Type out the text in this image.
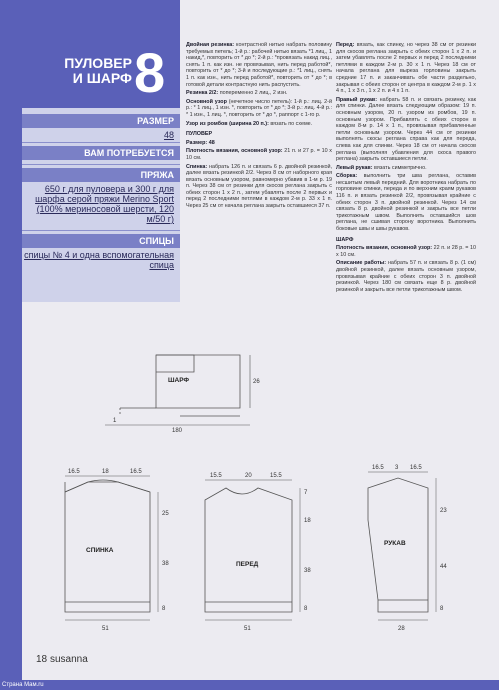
ПУЛОВЕР
И ШАРФ 8
РАЗМЕР
48
ВАМ ПОТРЕБУЕТСЯ
ПРЯЖА
650 г для пуловера и 300 г для шарфа серой пряжи Merino Sport (100% мериносовой шерсти, 120 м/50 г)
СПИЦЫ
спицы № 4 и одна вспомогательная спица

Двойная резинка: контрастной нитью набрать половину требуемых петель; 1-й р.: рабочей нитью вязать *1 лиц., 1 накид,*, повторить от * до *; 2-й р.: *провязать накид лиц., снять 1 п. как изн. не провязывая, нить перед работой*, повторить от * до *; 3-й и последующие р.: *1 лиц., снять 1 п. как изн., нить перед работой*, повторить от * до *; в готовой детали контрастную нить распустить.

Резинка 2/2: попеременно 2 лиц., 2 изн.

Основной узор (нечетное число петель): 1-й р.: лиц. 2-й р.: * 1 лиц., 1 изн. *, повторить от * до *; 3-й р.: лиц. 4-й р.: * 1 изн., 1 лиц. *, повторить от * до *, раппорт с 1-го р.

Узор из ромбов (ширина 20 п.): вязать по схеме.

ПУЛОВЕР

Размер: 48

Плотность вязания, основной узор: 21 п. и 27 р. = 10 х 10 см.

Спинка: набрать 126 п. и связать 6 р. двойной резинкой, далее вязать резинкой 2/2. Через 8 см от наборного края вязать основным узором, равномерно убавив в 1-м р. 19 п. Через 38 см от резинки для скосов реглана закрыть с обеих сторон 1 х 2 п., затем убавлять после 2 первых и перед 2 последними петлями в каждом 2-м р. 33 х 1 п. Через 25 см от начала реглана закрыть оставшиеся 37 п.

Перед: вязать, как спинку, но через 38 см от резинки для скосов реглана закрыть с обеих сторон 1 х 2 п. и затем убавлять после 2 первых и перед 2 последними петлями в каждом 2-м р. 30 х 1 п. Через 18 см от начала реглана для выреза горловины закрыть средние 17 п. и заканчивать обе части раздельно, закрывая с обеих сторон от центра в каждом 2-м р. 1 х 4 п., 1 х 3 п., 1 х 2 п. и 4 х 1 п.

Правый рукав: набрать 58 п. и связать резинку, как для спинки. Далее вязать следующим образом: 19 п. основным узором, 20 п. узором из ромбов, 19 п. основным узором. Прибавлять с обеих сторон в каждом 8-м р. 14 х 1 п., провязывая прибавленные петли основным узором. Через 44 см от резинки выполнять скосы реглана справа как для переда, слева как для спинки. Через 18 см от начала скосов реглана (выполняя убавления для скоса правого реглана) закрыть оставшиеся петли.

Левый рукав: вязать симметрично.

Сборка: выполнить три шва реглана, оставив несшитым левый передний. Для воротника набрать по горловине спинки, переда и по верхним краям рукавов 116 п. и вязать резинкой 2/2, провязывая крайние с обеих сторон 3 п. двойной резинкой. Через 14 см связать 8 р. двойной резинкой и закрыть все петли трикотажным швом. Выполнить оставшийся шов реглана, не сшивая сторону воротника. Выполнить боковые швы и швы рукавов.

ШАРФ

Плотность вязания, основной узор: 22 п. и 28 р. = 10 х 10 см.

Описание работы: набрать 57 п. и связать 8 р. (1 см) двойной резинкой, далее вязать основным узором, провязывая крайние с обеих сторон 3 п. двойной резинкой. Через 180 см связать еще 8 р. двойной резинкой и закрыть все петли трикотажным швом.

ШАРФ	26
1
180
СПИНКА
16.5	18	16.5
25
38
8
51
ПЕРЕД
15.5	20	15.5
7
18
38
8
51
РУКАВ
16.5 3 16.5
23
44
8
28
18 susanna
Страна Мам.ru
